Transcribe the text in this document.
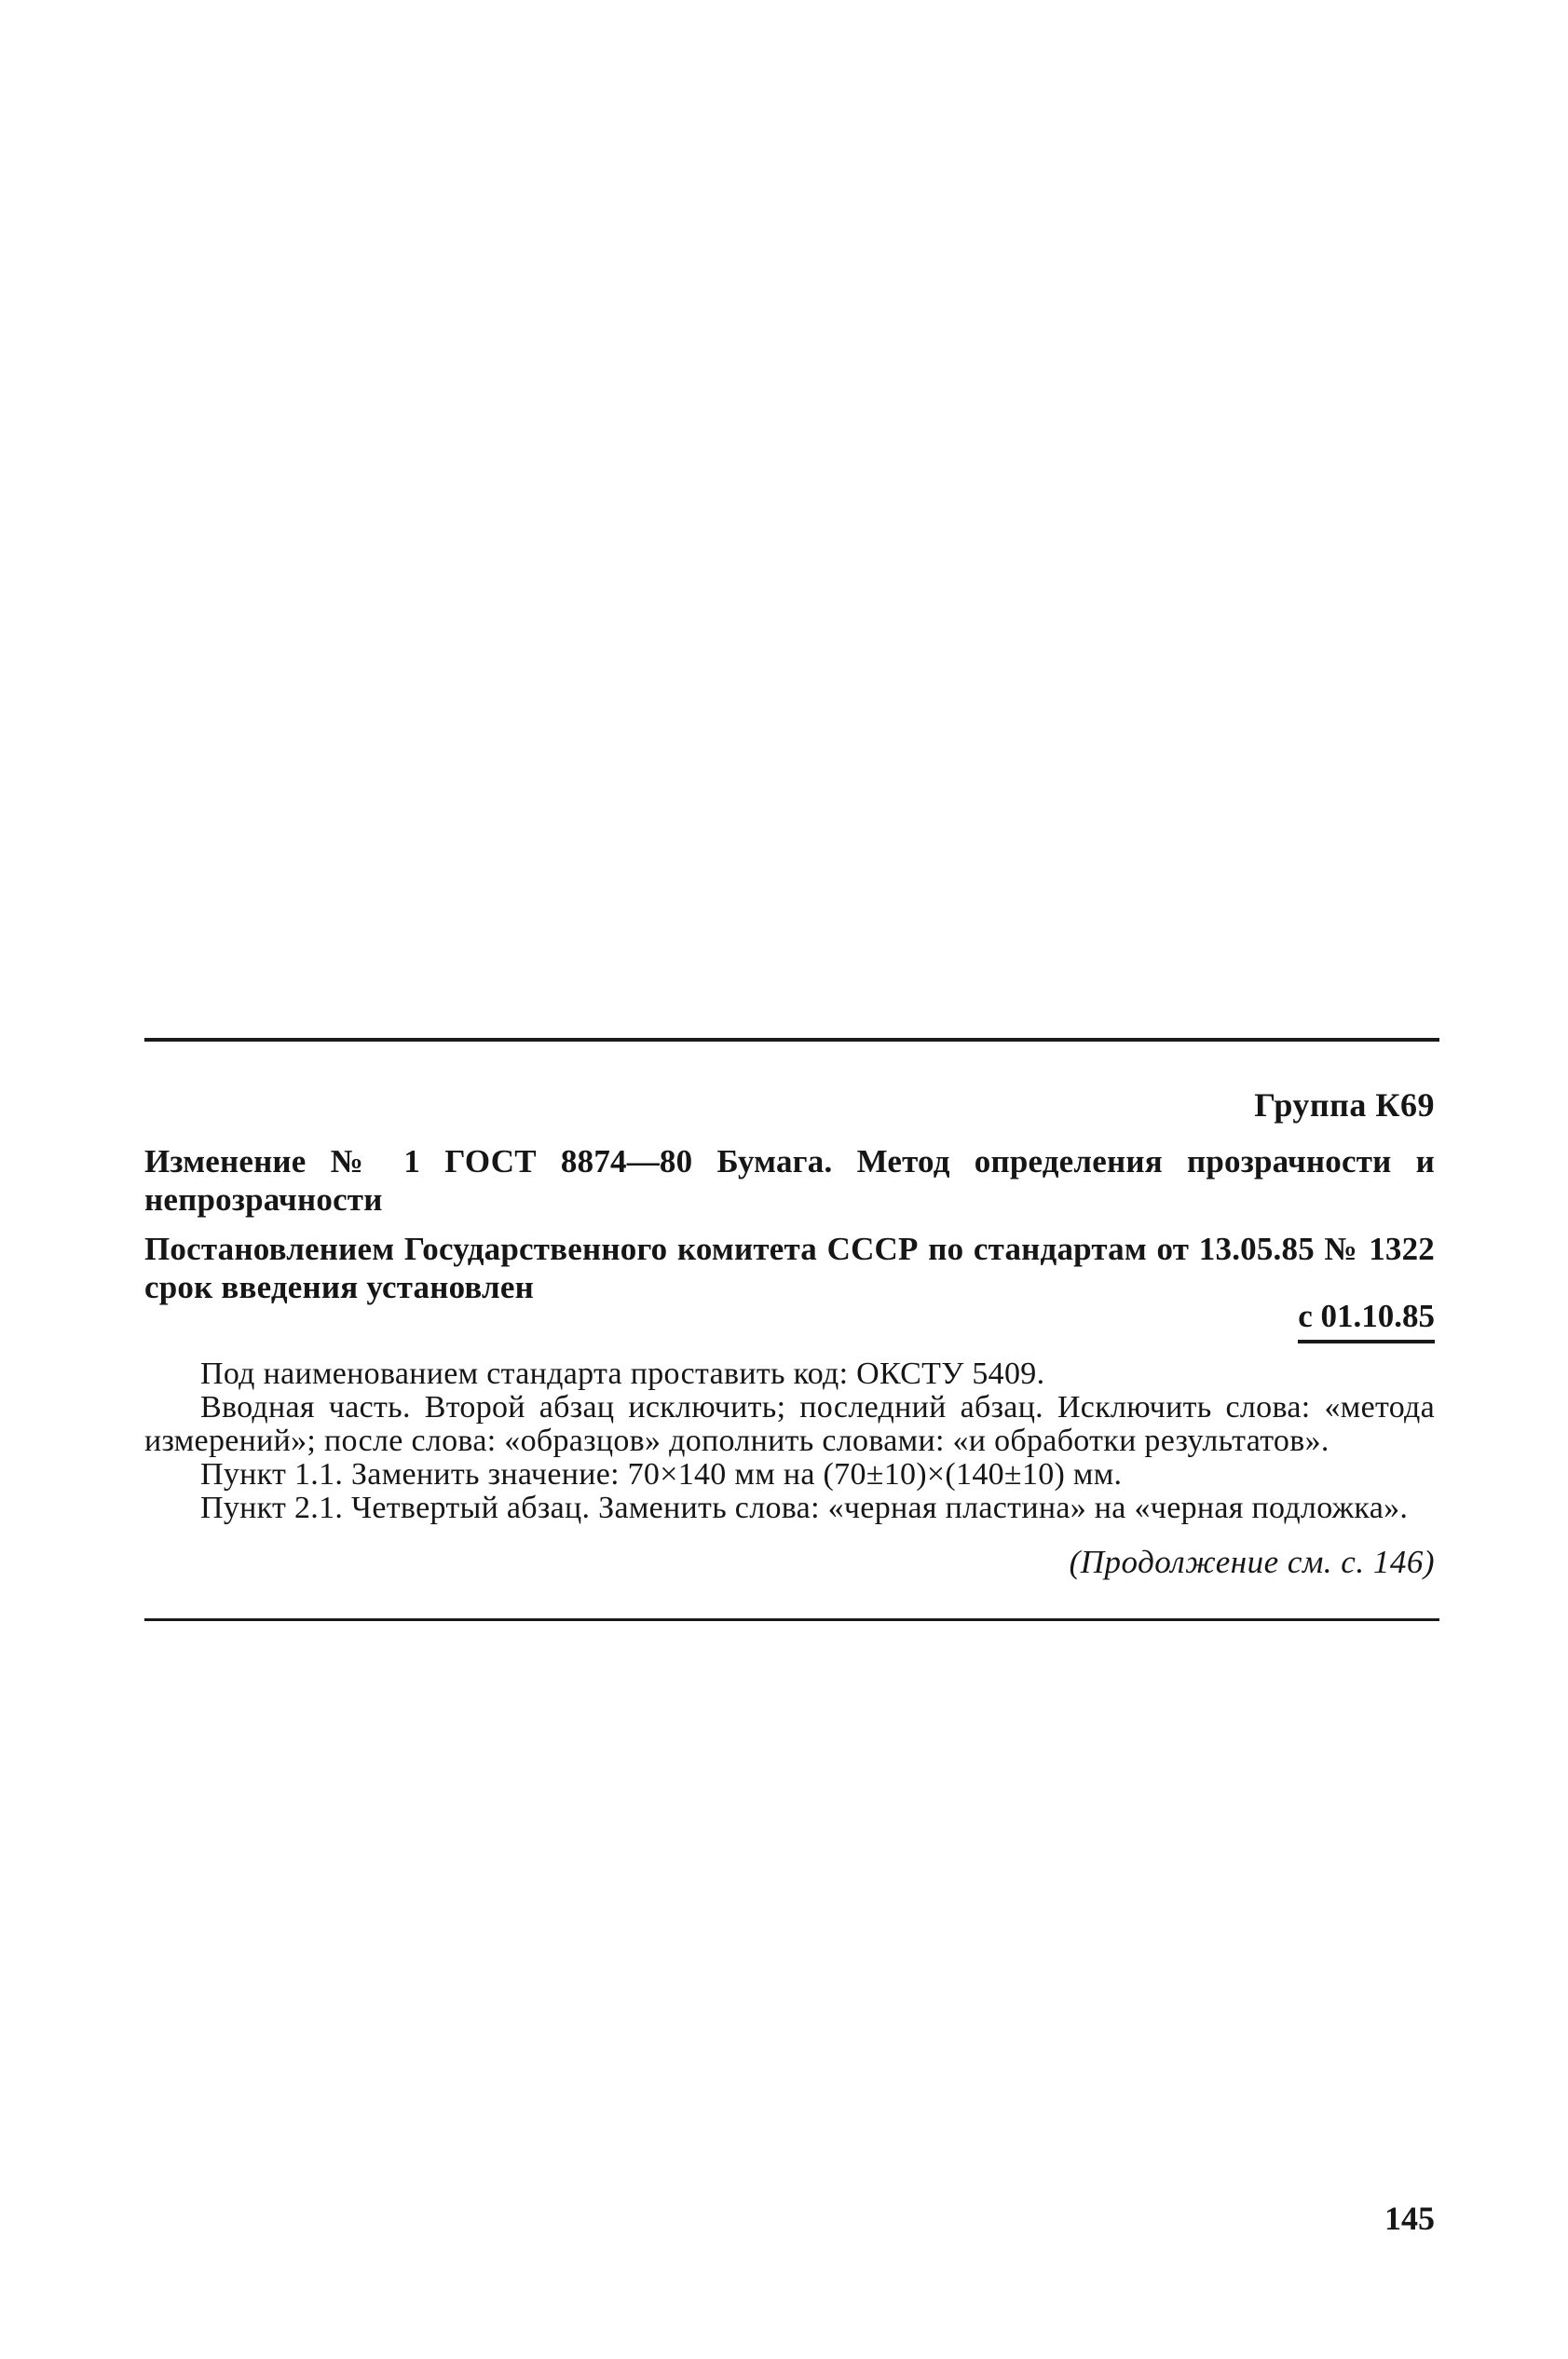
Группа К69
Изменение № 1 ГОСТ 8874—80 Бумага. Метод определения прозрачности и непрозрачности
Постановлением Государственного комитета СССР по стандартам от 13.05.85 № 1322 срок введения установлен
с 01.10.85

Под наименованием стандарта проставить код: ОКСТУ 5409.

Вводная часть. Второй абзац исключить; последний абзац. Исключить слова: «метода измерений»; после слова: «образцов» дополнить словами: «и обработки результатов».

Пункт 1.1. Заменить значение: 70×140 мм на (70±10)×(140±10) мм.

Пункт 2.1. Четвертый абзац. Заменить слова: «черная пластина» на «черная подложка».

(Продолжение см. с. 146)
145
